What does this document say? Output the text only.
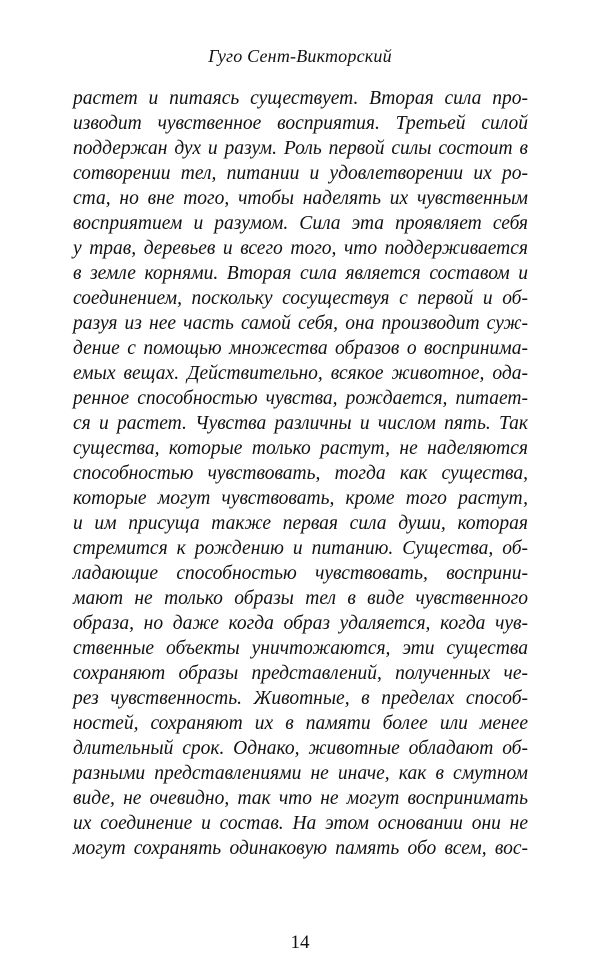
Гуго Сент-Викторский
растет и питаясь существует. Вторая сила про-
изводит чувственное восприятия. Третьей силой
поддержан дух и разум. Роль первой силы состоит в
сотворении тел, питании и удовлетворении их ро-
ста, но вне того, чтобы наделять их чувственным
восприятием и разумом. Сила эта проявляет себя
у трав, деревьев и всего того, что поддерживается
в земле корнями. Вторая сила является составом и
соединением, поскольку сосуществуя с первой и об-
разуя из нее часть самой себя, она производит суж-
дение с помощью множества образов о воспринима-
емых вещах. Действительно, всякое животное, ода-
ренное способностью чувства, рождается, питает-
ся и растет. Чувства различны и числом пять. Так
существа, которые только растут, не наделяются
способностью чувствовать, тогда как существа,
которые могут чувствовать, кроме того растут,
и им присуща также первая сила души, которая
стремится к рождению и питанию. Существа, об-
ладающие способностью чувствовать, восприни-
мают не только образы тел в виде чувственного
образа, но даже когда образ удаляется, когда чув-
ственные объекты уничтожаются, эти существа
сохраняют образы представлений, полученных че-
рез чувственность. Животные, в пределах способ-
ностей, сохраняют их в памяти более или менее
длительный срок. Однако, животные обладают об-
разными представлениями не иначе, как в смутном
виде, не очевидно, так что не могут воспринимать
их соединение и состав. На этом основании они не
могут сохранять одинаковую память обо всем, вос-
14
